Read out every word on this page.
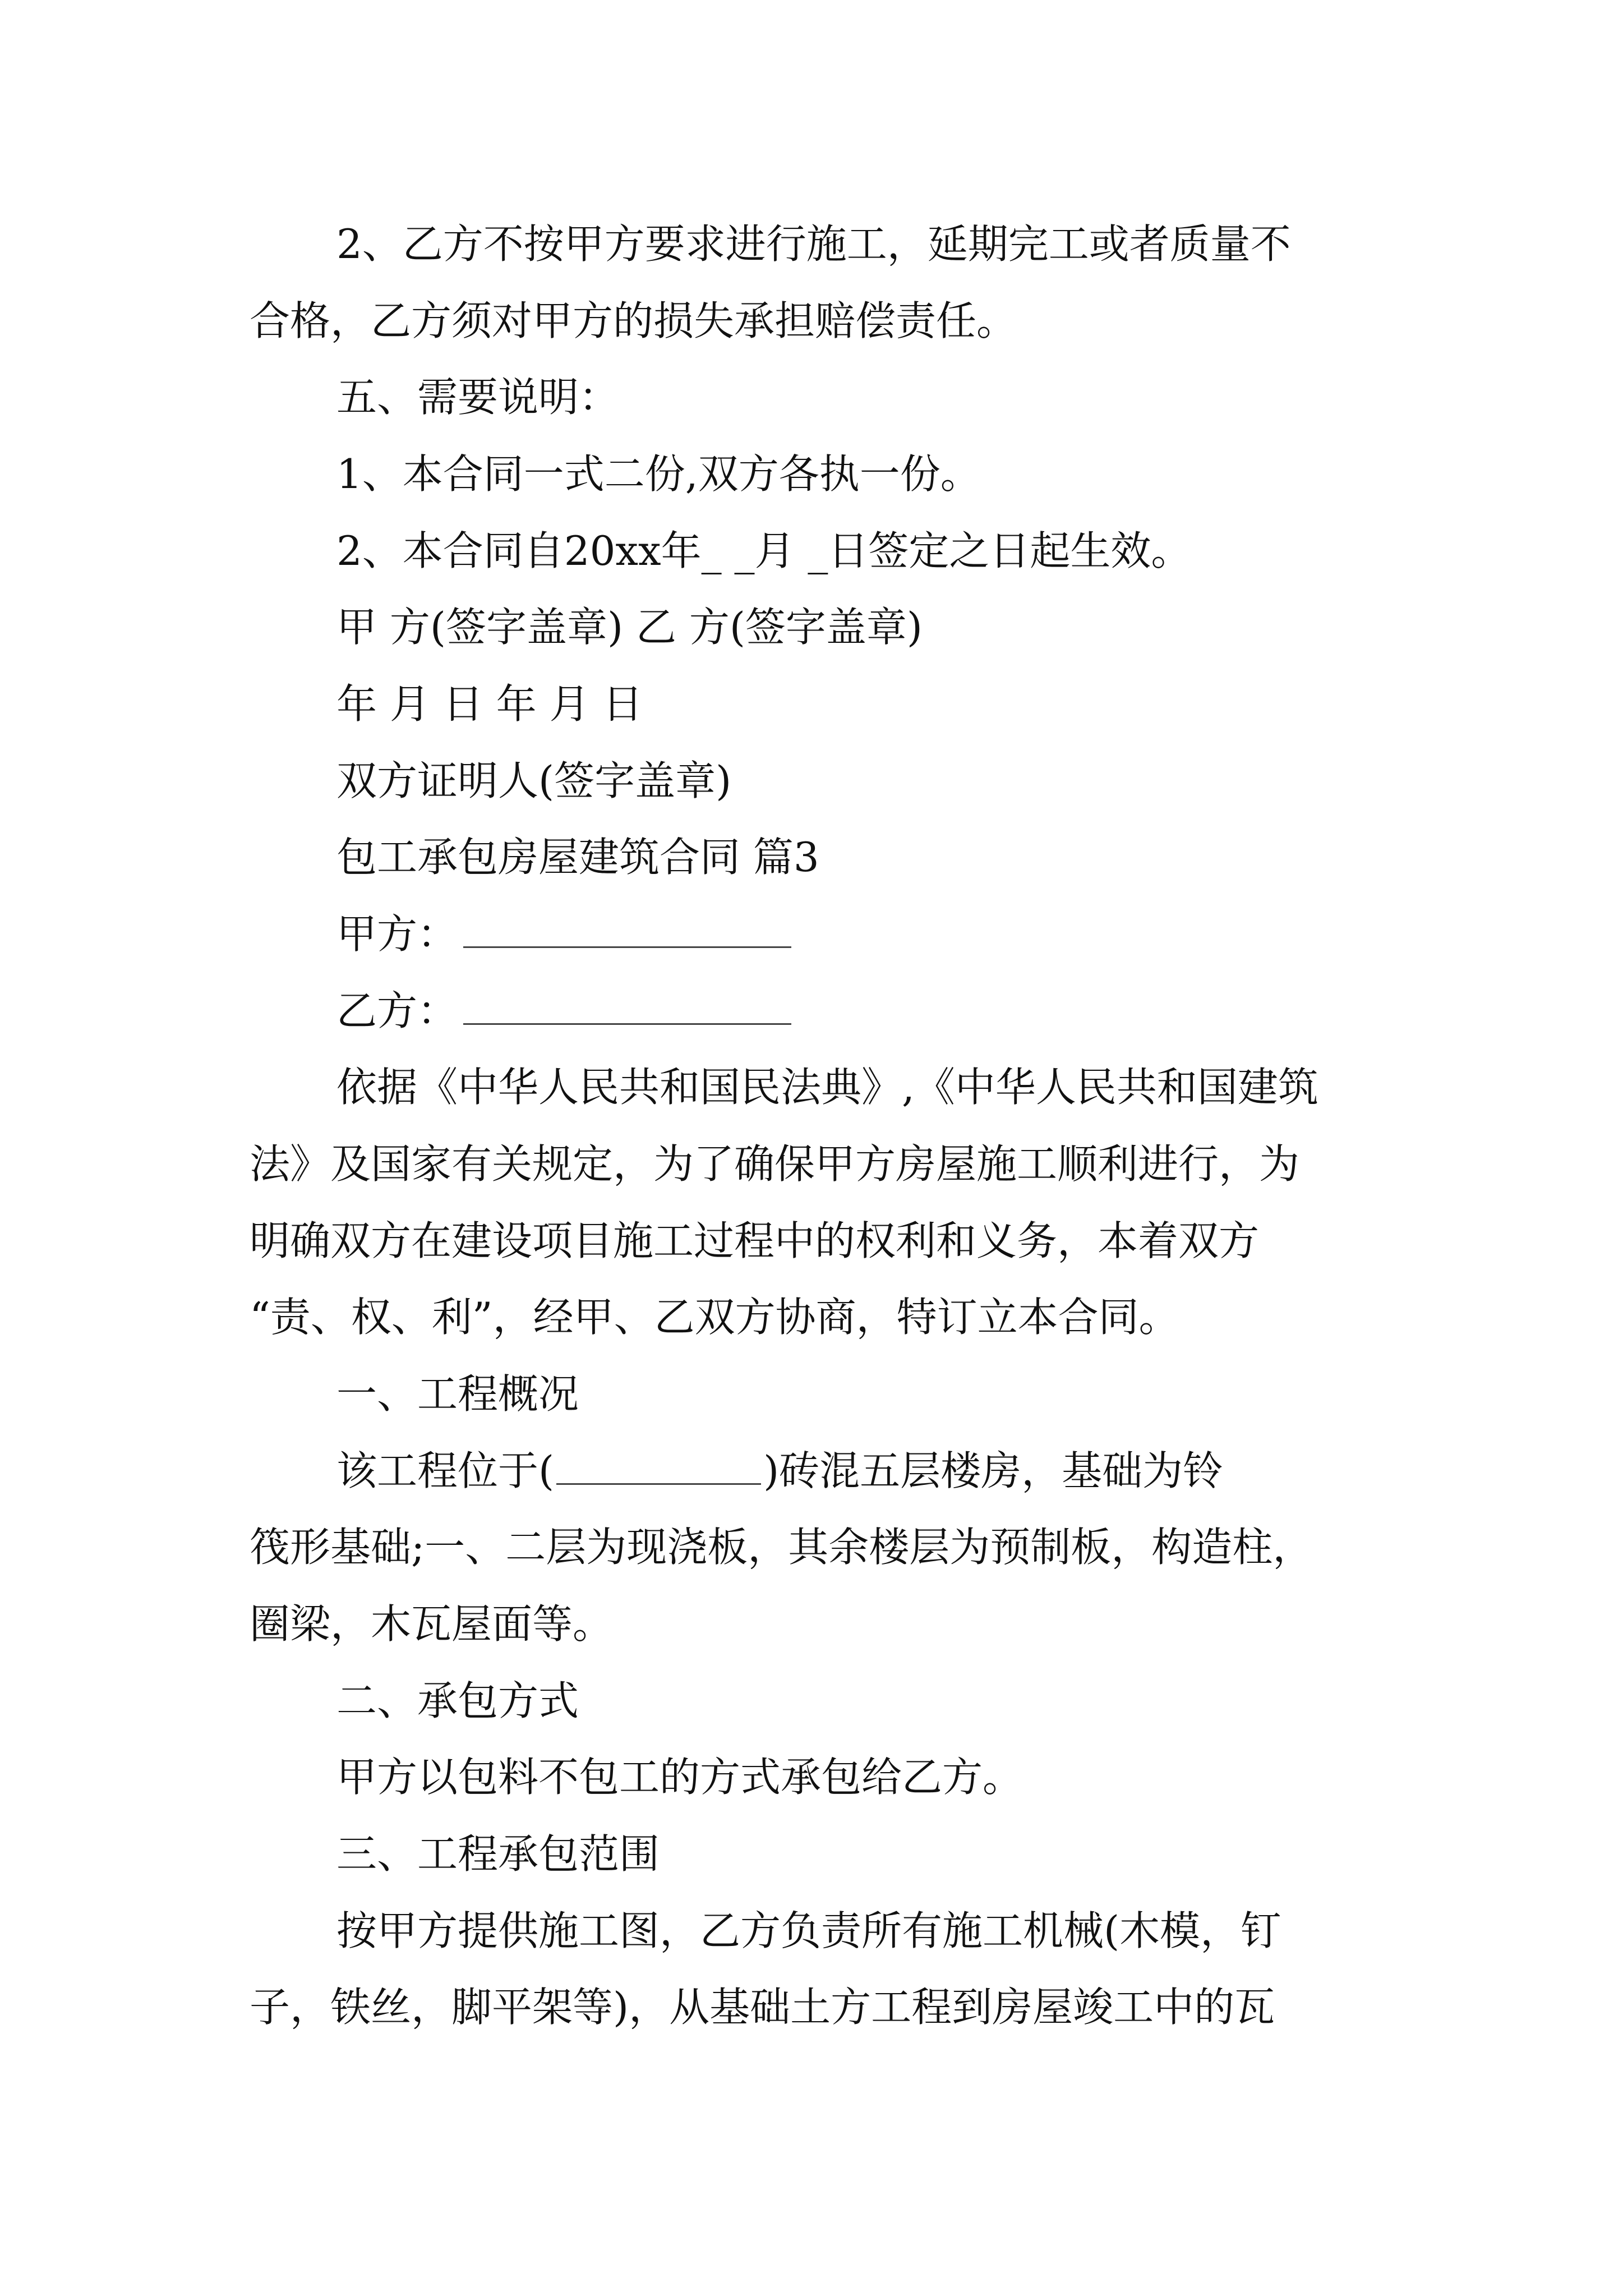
2、乙方不按甲方要求进行施工，延期完工或者质量不
合格，乙方须对甲方的损失承担赔偿责任。
五、需要说明：
1、本合同一式二份,双方各执一份。
2、本合同自20xx年_ _月 _日签定之日起生效。
甲 方(签字盖章) 乙 方(签字盖章)
年 月 日 年 月 日
双方证明人(签字盖章)
包工承包房屋建筑合同 篇3
甲方：
乙方：
依据《中华人民共和国民法典》,《中华人民共和国建筑
法》及国家有关规定，为了确保甲方房屋施工顺利进行，为
明确双方在建设项目施工过程中的权利和义务，本着双方
“责、权、利”，经甲、乙双方协商，特订立本合同。
一、工程概况
该工程位于(	)砖混五层楼房，基础为铃
筏形基础;一、二层为现浇板，其余楼层为预制板，构造柱，
圈梁，木瓦屋面等。
二、承包方式
甲方以包料不包工的方式承包给乙方。
三、工程承包范围
按甲方提供施工图，乙方负责所有施工机械(木模，钉
子，铁丝，脚平架等)，从基础土方工程到房屋竣工中的瓦
